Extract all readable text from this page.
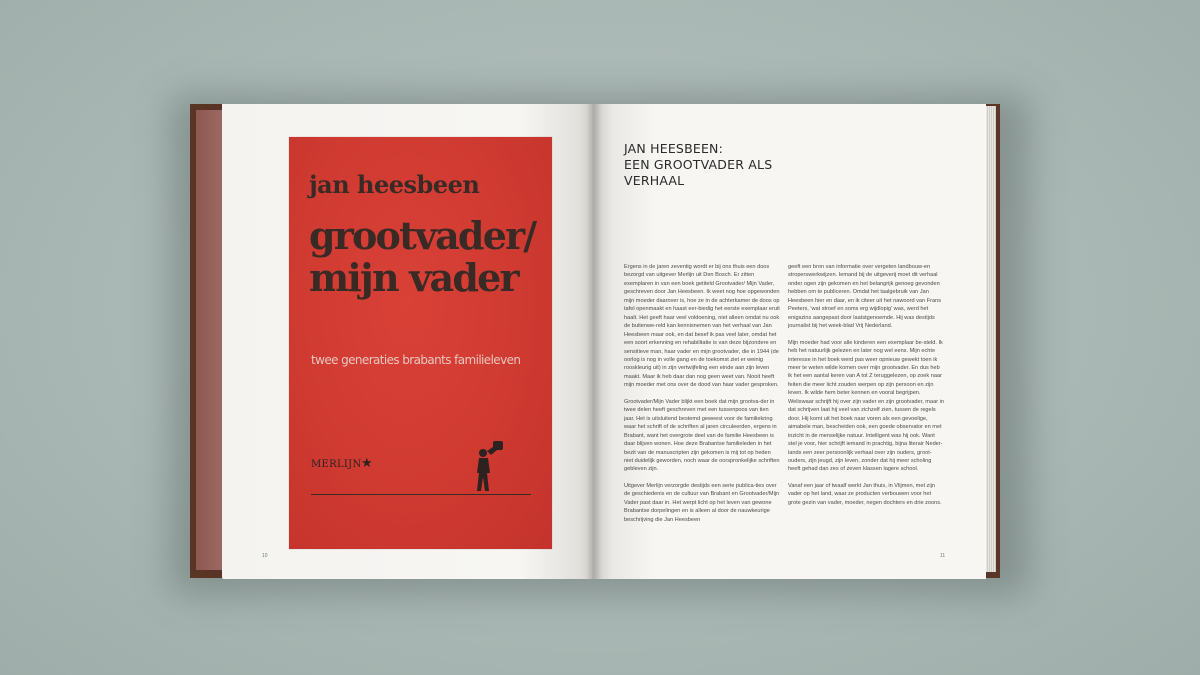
jan heesbeen
grootvader/
mijn vader
twee generaties brabants familieleven
MERLIJN ★
10
JAN HEESBEEN:
EEN GROOTVADER ALS
VERHAAL

Ergens in de jaren zeventig wordt er bij ons thuis een doos bezorgd van uitgever Merlijn uit Den Bosch. Er zitten exemplaren in van een boek getiteld Grootvader/ Mijn Vader, geschreven door Jan Heesbeen. Ik weet nog hoe opgewonden mijn moeder daarover is, hoe ze in de achterkamer de doos op tafel openmaakt en haast eer-biedig het eerste exemplaar eruit haalt. Het geeft haar veel voldoening, niet alleen omdat nu ook de buitenwe-reld kan kennisnemen van het verhaal van Jan Heesbeen maar ook, en dat besef ik pas veel later, omdat het een soort erkenning en rehabilitatie is van deze bijzondere en sensitieve man, haar vader en mijn grootvader, die in 1944 (de oorlog is nog in volle gang en de toekomst ziet er weinig rooskleurig uit) in zijn vertwijfeling een einde aan zijn leven maakt. Maar ik heb daar dan nog geen weet van. Nooit heeft mijn moeder met ons over de dood van haar vader gesproken.

Grootvader/Mijn Vader blijkt een boek dat mijn grootva-der in twee delen heeft geschreven met een tussenpoos van tien jaar. Het is uitsluitend bestemd geweest voor de familiekring waar het schrift of de schriften al jaren circuleerden, ergens in Brabant, want het overgrote deel van de familie Heesbeen is daar blijven wonen. Hoe deze Brabantse familieleden in het bezit van de manuscripten zijn gekomen is mij tot op heden niet duidelijk geworden, noch waar de oorspronkelijke schriften gebleven zijn.

Uitgever Merlijn verzorgde destijds een serie publica-ties over de geschiedenis en de cultuur van Brabant en Grootvader/Mijn Vader past daar in. Het werpt licht op het leven van gewone Brabantse dorpelingen en is alleen al door de nauwkeurige beschrijving die Jan Heesbeen

geeft een bron van informatie over vergeten landbouw-en stroperswerkwijzen. Iemand bij de uitgeverij moet dit verhaal onder ogen zijn gekomen en het belangrijk genoeg gevonden hebben om te publiceren. Omdat het taalgebruik van Jan Heesbeen hier en daar, en ik citeer uit het nawoord van Frans Peeters, 'wat stroef en soms erg wijdlopig' was, werd het enigszins aangepast door laatstgenoemde. Hij was destijds journalist bij het week-blad Vrij Nederland.

Mijn moeder had voor alle kinderen een exemplaar be-steld. Ik heb het natuurlijk gelezen en later nog wel eens. Mijn echte interesse in het boek werd pas weer opnieuw gewekt toen ik meer te weten wilde komen over mijn grootvader. En dus heb ik het een aantal keren van A tot Z teruggelezen, op zoek naar feiten die meer licht zouden werpen op zijn persoon en zijn leven. Ik wilde hem beter kennen en vooral begrijpen. Weliswaar schrijft hij over zijn vader en zijn grootvader, maar in dat schrijven laat hij veel van zichzelf zien, tussen de regels door. Hij komt uit het boek naar voren als een gevoelige, aimabele man, bescheiden ook, een goede observator en met inzicht in de menselijke natuur. Intelligent was hij ook. Want stel je voor, hier schrijft iemand in prachtig, bijna literair Neder-lands een zeer persoonlijk verhaal over zijn ouders, groot-ouders, zijn jeugd, zijn leven, zonder dat hij meer scholing heeft gehad dan zes of zeven klassen lagere school.

Vanaf een jaar of twaalf werkt Jan thuis, in Vlijmen, met zijn vader op het land, waar ze producten verbouwen voor het grote gezin van vader, moeder, negen dochters en drie zoons.

11
